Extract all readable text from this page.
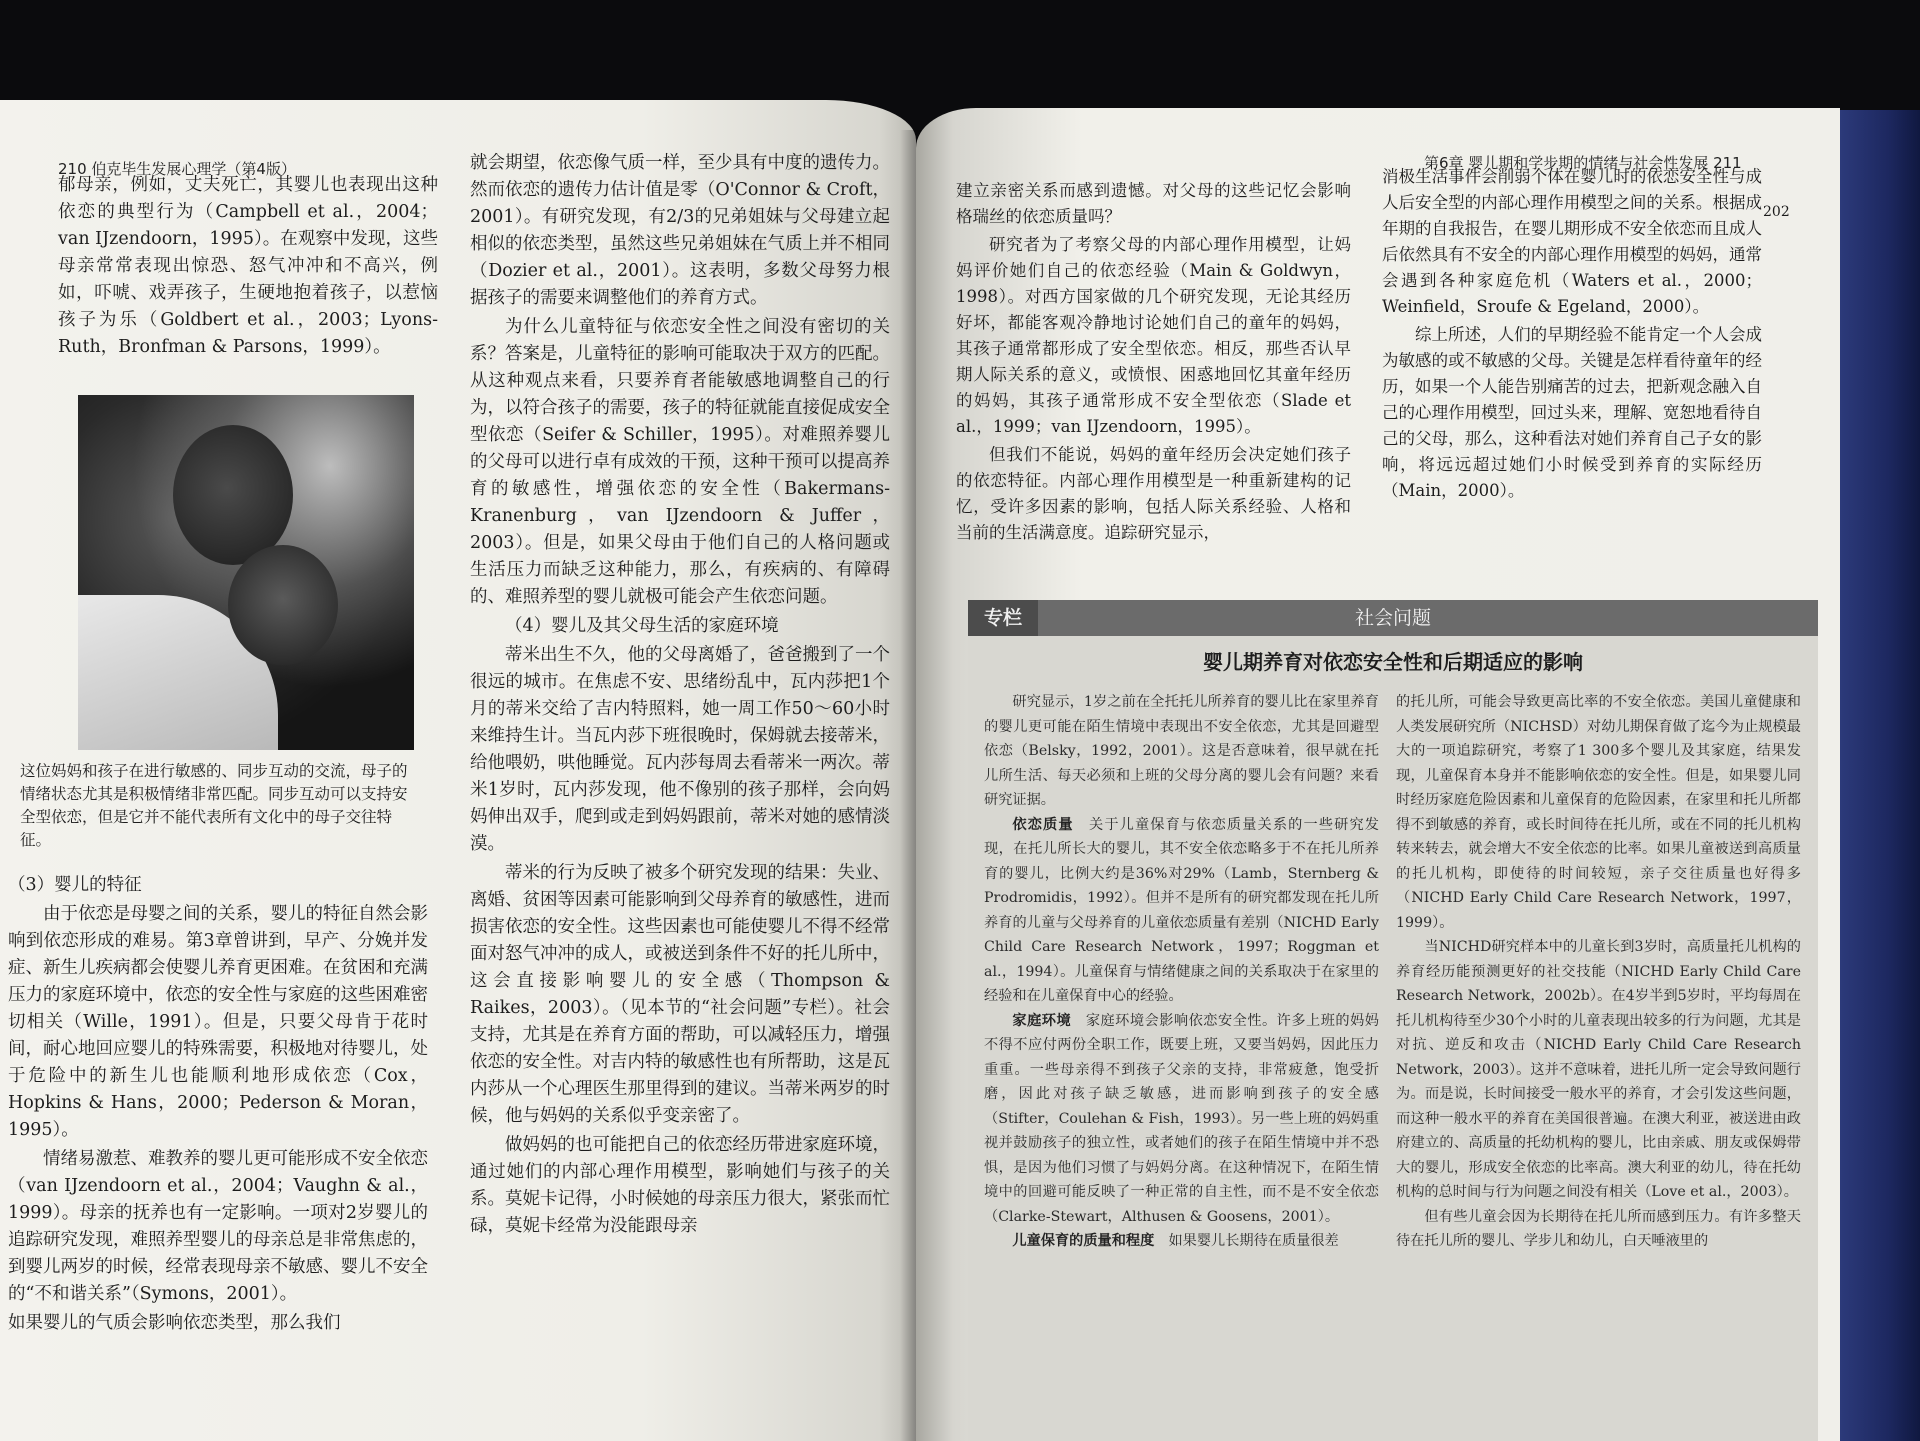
210 伯克毕生发展心理学（第4版）

郁母亲，例如，丈夫死亡，其婴儿也表现出这种依恋的典型行为（Campbell et al.，2004；van IJzendoorn，1995）。在观察中发现，这些母亲常常表现出惊恐、怒气冲冲和不高兴，例如，吓唬、戏弄孩子，生硬地抱着孩子，以惹恼孩子为乐（Goldbert et al.，2003；Lyons-Ruth，Bronfman & Parsons，1999）。

这位妈妈和孩子在进行敏感的、同步互动的交流，母子的情绪状态尤其是积极情绪非常匹配。同步互动可以支持安全型依恋，但是它并不能代表所有文化中的母子交往特征。

（3）婴儿的特征

由于依恋是母婴之间的关系，婴儿的特征自然会影响到依恋形成的难易。第3章曾讲到，早产、分娩并发症、新生儿疾病都会使婴儿养育更困难。在贫困和充满压力的家庭环境中，依恋的安全性与家庭的这些困难密切相关（Wille，1991）。但是，只要父母肯于花时间，耐心地回应婴儿的特殊需要，积极地对待婴儿，处于危险中的新生儿也能顺利地形成依恋（Cox，Hopkins & Hans，2000；Pederson & Moran，1995）。

情绪易激惹、难教养的婴儿更可能形成不安全依恋（van IJzendoorn et al.，2004；Vaughn & al.，1999）。母亲的抚养也有一定影响。一项对2岁婴儿的追踪研究发现，难照养型婴儿的母亲总是非常焦虑的，到婴儿两岁的时候，经常表现母亲不敏感、婴儿不安全的“不和谐关系”（Symons，2001）。

如果婴儿的气质会影响依恋类型，那么我们

就会期望，依恋像气质一样，至少具有中度的遗传力。然而依恋的遗传力估计值是零（O'Connor & Croft，2001）。有研究发现，有2/3的兄弟姐妹与父母建立起相似的依恋类型，虽然这些兄弟姐妹在气质上并不相同（Dozier et al.，2001）。这表明，多数父母努力根据孩子的需要来调整他们的养育方式。

为什么儿童特征与依恋安全性之间没有密切的关系？答案是，儿童特征的影响可能取决于双方的匹配。从这种观点来看，只要养育者能敏感地调整自己的行为，以符合孩子的需要，孩子的特征就能直接促成安全型依恋（Seifer & Schiller，1995）。对难照养婴儿的父母可以进行卓有成效的干预，这种干预可以提高养育的敏感性，增强依恋的安全性（Bakermans-Kranenburg，van IJzendoorn & Juffer，2003）。但是，如果父母由于他们自己的人格问题或生活压力而缺乏这种能力，那么，有疾病的、有障碍的、难照养型的婴儿就极可能会产生依恋问题。

（4）婴儿及其父母生活的家庭环境

蒂米出生不久，他的父母离婚了，爸爸搬到了一个很远的城市。在焦虑不安、思绪纷乱中，瓦内莎把1个月的蒂米交给了吉内特照料，她一周工作50～60小时来维持生计。当瓦内莎下班很晚时，保姆就去接蒂米，给他喂奶，哄他睡觉。瓦内莎每周去看蒂米一两次。蒂米1岁时，瓦内莎发现，他不像别的孩子那样，会向妈妈伸出双手，爬到或走到妈妈跟前，蒂米对她的感情淡漠。

蒂米的行为反映了被多个研究发现的结果：失业、离婚、贫困等因素可能影响到父母养育的敏感性，进而损害依恋的安全性。这些因素也可能使婴儿不得不经常面对怒气冲冲的成人，或被送到条件不好的托儿所中，这会直接影响婴儿的安全感（Thompson & Raikes，2003）。（见本节的“社会问题”专栏）。社会支持，尤其是在养育方面的帮助，可以减轻压力，增强依恋的安全性。对吉内特的敏感性也有所帮助，这是瓦内莎从一个心理医生那里得到的建议。当蒂米两岁的时候，他与妈妈的关系似乎变亲密了。

做妈妈的也可能把自己的依恋经历带进家庭环境，通过她们的内部心理作用模型，影响她们与孩子的关系。莫妮卡记得，小时候她的母亲压力很大，紧张而忙碌，莫妮卡经常为没能跟母亲

第6章 婴儿期和学步期的情绪与社会性发展 211
202

建立亲密关系而感到遗憾。对父母的这些记忆会影响格瑞丝的依恋质量吗？

研究者为了考察父母的内部心理作用模型，让妈妈评价她们自己的依恋经验（Main & Goldwyn，1998）。对西方国家做的几个研究发现，无论其经历好坏，都能客观冷静地讨论她们自己的童年的妈妈，其孩子通常都形成了安全型依恋。相反，那些否认早期人际关系的意义，或愤恨、困惑地回忆其童年经历的妈妈，其孩子通常形成不安全型依恋（Slade et al.，1999；van IJzendoorn，1995）。

但我们不能说，妈妈的童年经历会决定她们孩子的依恋特征。内部心理作用模型是一种重新建构的记忆，受许多因素的影响，包括人际关系经验、人格和当前的生活满意度。追踪研究显示，

消极生活事件会削弱个体在婴儿时的依恋安全性与成人后安全型的内部心理作用模型之间的关系。根据成年期的自我报告，在婴儿期形成不安全依恋而且成人后依然具有不安全的内部心理作用模型的妈妈，通常会遇到各种家庭危机（Waters et al.，2000；Weinfield，Sroufe & Egeland，2000）。

综上所述，人们的早期经验不能肯定一个人会成为敏感的或不敏感的父母。关键是怎样看待童年的经历，如果一个人能告别痛苦的过去，把新观念融入自己的心理作用模型，回过头来，理解、宽恕地看待自己的父母，那么，这种看法对她们养育自己子女的影响，将远远超过她们小时候受到养育的实际经历（Main，2000）。

社会问题
专栏
婴儿期养育对依恋安全性和后期适应的影响

研究显示，1岁之前在全托托儿所养育的婴儿比在家里养育的婴儿更可能在陌生情境中表现出不安全依恋，尤其是回避型依恋（Belsky，1992，2001）。这是否意味着，很早就在托儿所生活、每天必须和上班的父母分离的婴儿会有问题？来看研究证据。

依恋质量　 关于儿童保育与依恋质量关系的一些研究发现，在托儿所长大的婴儿，其不安全依恋略多于不在托儿所养育的婴儿，比例大约是36%对29%（Lamb，Sternberg & Prodromidis，1992）。但并不是所有的研究都发现在托儿所养育的儿童与父母养育的儿童依恋质量有差别（NICHD Early Child Care Research Network，1997；Roggman et al.，1994）。儿童保育与情绪健康之间的关系取决于在家里的经验和在儿童保育中心的经验。

家庭环境　 家庭环境会影响依恋安全性。许多上班的妈妈不得不应付两份全职工作，既要上班，又要当妈妈，因此压力重重。一些母亲得不到孩子父亲的支持，非常疲惫，饱受折磨，因此对孩子缺乏敏感，进而影响到孩子的安全感（Stifter，Coulehan & Fish，1993）。另一些上班的妈妈重视并鼓励孩子的独立性，或者她们的孩子在陌生情境中并不恐惧，是因为他们习惯了与妈妈分离。在这种情况下，在陌生情境中的回避可能反映了一种正常的自主性，而不是不安全依恋（Clarke-Stewart，Althusen & Goosens，2001）。

儿童保育的质量和程度　 如果婴儿长期待在质量很差

的托儿所，可能会导致更高比率的不安全依恋。美国儿童健康和人类发展研究所（NICHSD）对幼儿期保育做了迄今为止规模最大的一项追踪研究，考察了1 300多个婴儿及其家庭，结果发现，儿童保育本身并不能影响依恋的安全性。但是，如果婴儿同时经历家庭危险因素和儿童保育的危险因素，在家里和托儿所都得不到敏感的养育，或长时间待在托儿所，或在不同的托儿机构转来转去，就会增大不安全依恋的比率。如果儿童被送到高质量的托儿机构，即使待的时间较短，亲子交往质量也好得多（NICHD Early Child Care Research Network，1997，1999）。

当NICHD研究样本中的儿童长到3岁时，高质量托儿机构的养育经历能预测更好的社交技能（NICHD Early Child Care Research Network，2002b）。在4岁半到5岁时，平均每周在托儿机构待至少30个小时的儿童表现出较多的行为问题，尤其是对抗、逆反和攻击（NICHD Early Child Care Research Network，2003）。这并不意味着，进托儿所一定会导致问题行为。而是说，长时间接受一般水平的养育，才会引发这些问题，而这种一般水平的养育在美国很普遍。在澳大利亚，被送进由政府建立的、高质量的托幼机构的婴儿，比由亲戚、朋友或保姆带大的婴儿，形成安全依恋的比率高。澳大利亚的幼儿，待在托幼机构的总时间与行为问题之间没有相关（Love et al.，2003）。

但有些儿童会因为长期待在托儿所而感到压力。有许多整天待在托儿所的婴儿、学步儿和幼儿，白天唾液里的
